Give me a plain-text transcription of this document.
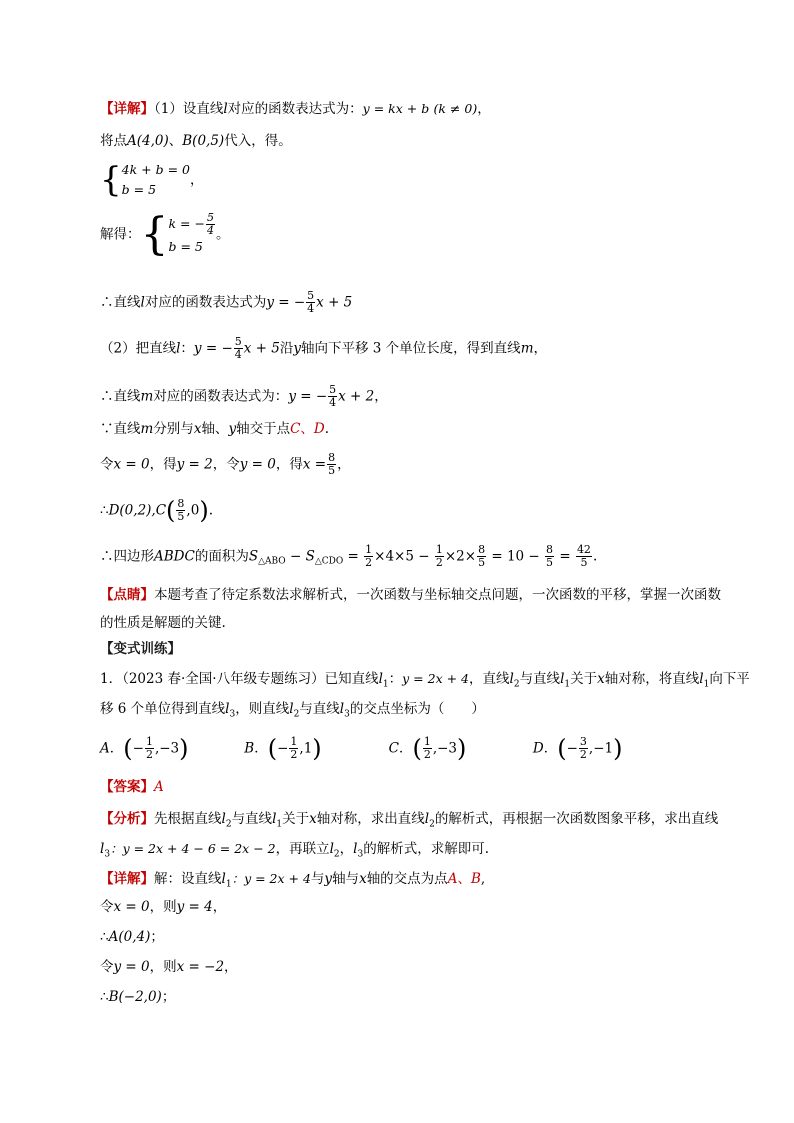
【详解】（1）设直线l对应的函数表达式为：y = kx + b (k ≠ 0)，
将点A(4,0)、B(0,5)代入，得。
{ 4k + b = 0
b = 5
，
解得：{ k = − $\frac{5}{4}$
b = 5
。
∴直线l对应的函数表达式为y = − $\frac{5}{4}$ x + 5
（2）把直线l：y = − $\frac{5}{4}$ x + 5沿y轴向下平移 3 个单位长度，得到直线m，
∴直线m对应的函数表达式为：y = − $\frac{5}{4}$ x + 2，
∵直线m分别与x轴、y轴交于点C、D.
令x = 0，得y = 2，令y = 0，得$x = \frac{8}{5}$ ，
∴D(0,2),C( $\frac{8}{5} ,0$).
∴四边形ABDC的面积为$S_{\triangle ABO} - S_{\triangle CDO} = \frac{1}{2} \times 4\times 5 - \frac{1}{2} \times 2\times \frac{8}{5} = 10 - \frac{8}{5} = \frac{42}{5}$ .
【点睛】本题考查了待定系数法求解析式，一次函数与坐标轴交点问题，一次函数的平移，掌握一次函数
的性质是解题的关键.
【变式训练】
1．（2023 春·全国·八年级专题练习）已知直线$l_1$：y = 2x + 4，直线$l_2$与直线$l_1$关于x轴对称，将直线$l_1$向下平
移 6 个单位得到直线$l_3$，则直线$l_2$与直线$l_3$的交点坐标为（　　）
A．(− $\frac{1}{2} ,-3$)	B．(− $\frac{1}{2} ,1$)	C．( $\frac{1}{2} ,-3$)	D．(− $\frac{3}{2} ,-1$)
【答案】A
【分析】先根据直线$l_2$与直线$l_1$关于x轴对称，求出直线$l_2$的解析式，再根据一次函数图象平移，求出直线
$l_3$：y = 2x + 4 − 6 = 2x − 2，再联立$l_2$，$l_3$的解析式，求解即可.
【详解】解：设直线$l_1$：y = 2x + 4与y轴与x轴的交点为点A、B,
令x = 0，则y = 4，
∴A(0,4)；
令y = 0，则x = −2，
∴B(−2,0)；
